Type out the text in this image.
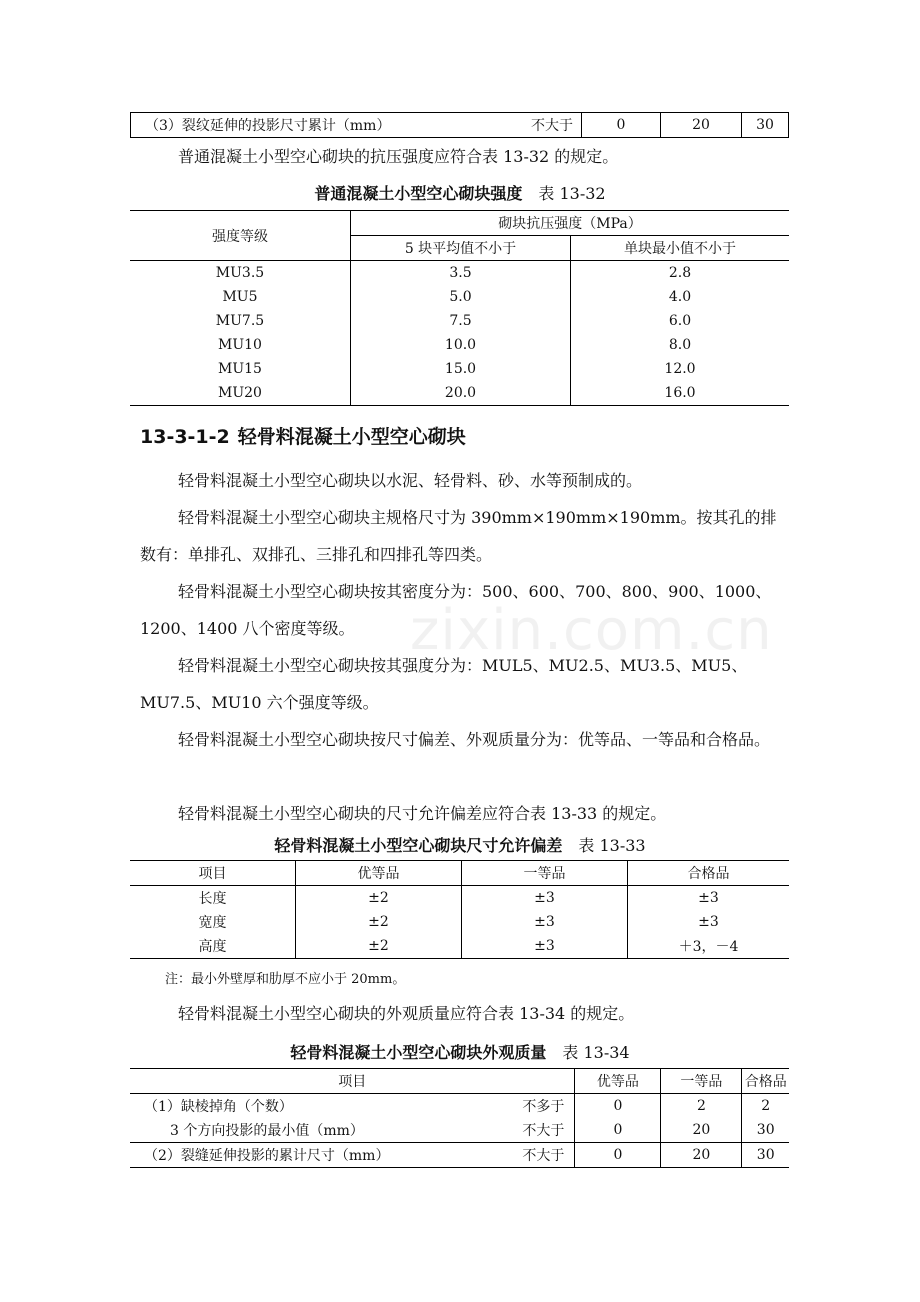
（3）裂纹延伸的投影尺寸累计（mm）	不大于	0	20	30

普通混凝土小型空心砌块的抗压强度应符合表 13-32 的规定。

普通混凝土小型空心砌块强度 表 13-32
强度等级	砌块抗压强度（MPa）	
	5 块平均值不小于	单块最小值不小于
MU3.5	3.5	2.8
MU5	5.0	4.0
MU7.5	7.5	6.0
MU10	10.0	8.0
MU15	15.0	12.0
MU20	20.0	16.0
13-3-1-2 轻骨料混凝土小型空心砌块

轻骨料混凝土小型空心砌块以水泥、轻骨料、砂、水等预制成的。

轻骨料混凝土小型空心砌块主规格尺寸为 390mm×190mm×190mm。按其孔的排数有：单排孔、双排孔、三排孔和四排孔等四类。

轻骨料混凝土小型空心砌块按其密度分为：500、600、700、800、900、1000、1200、1400 八个密度等级。

轻骨料混凝土小型空心砌块按其强度分为：MUL5、MU2.5、MU3.5、MU5、MU7.5、MU10 六个强度等级。

轻骨料混凝土小型空心砌块按尺寸偏差、外观质量分为：优等品、一等品和合格品。

轻骨料混凝土小型空心砌块的尺寸允许偏差应符合表 13-33 的规定。

轻骨料混凝土小型空心砌块尺寸允许偏差 表 13-33
项目	优等品	一等品	合格品
长度	±2	±3	±3
宽度	±2	±3	±3
高度	±2	±3	＋3，－4
注：最小外壁厚和肋厚不应小于 20mm。

轻骨料混凝土小型空心砌块的外观质量应符合表 13-34 的规定。

轻骨料混凝土小型空心砌块外观质量 表 13-34
项目		优等品	一等品	合格品
（1）缺棱掉角（个数）	不多于	0	2	2
3 个方向投影的最小值（mm）	不大于	0	20	30
（2）裂缝延伸投影的累计尺寸（mm）	不大于	0	20	30
zixin.com.cn
